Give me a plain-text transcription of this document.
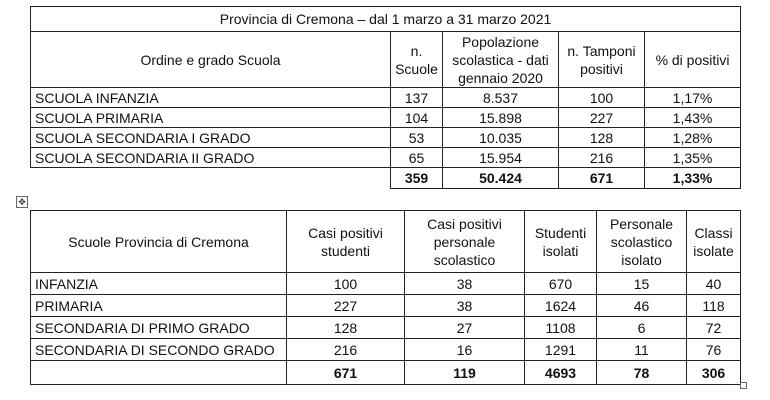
Provincia di Cremona – dal 1 marzo a 31 marzo 2021				
Ordine e grado Scuola	n. Scuole	Popolazione scolastica - dati gennaio 2020	n. Tamponi positivi	% di positivi
SCUOLA INFANZIA	137	8.537	100	1,17%
SCUOLA PRIMARIA	104	15.898	227	1,43%
SCUOLA SECONDARIA I GRADO	53	10.035	128	1,28%
SCUOLA SECONDARIA II GRADO	65	15.954	216	1,35%
	359	50.424	671	1,33%
✥
Scuole Provincia di Cremona	Casi positivi studenti	Casi positivi personale scolastico	Studenti isolati	Personale scolastico isolato	Classi isolate
INFANZIA	100	38	670	15	40
PRIMARIA	227	38	1624	46	118
SECONDARIA DI PRIMO GRADO	128	27	1108	6	72
SECONDARIA DI SECONDO GRADO	216	16	1291	11	76
	671	119	4693	78	306
